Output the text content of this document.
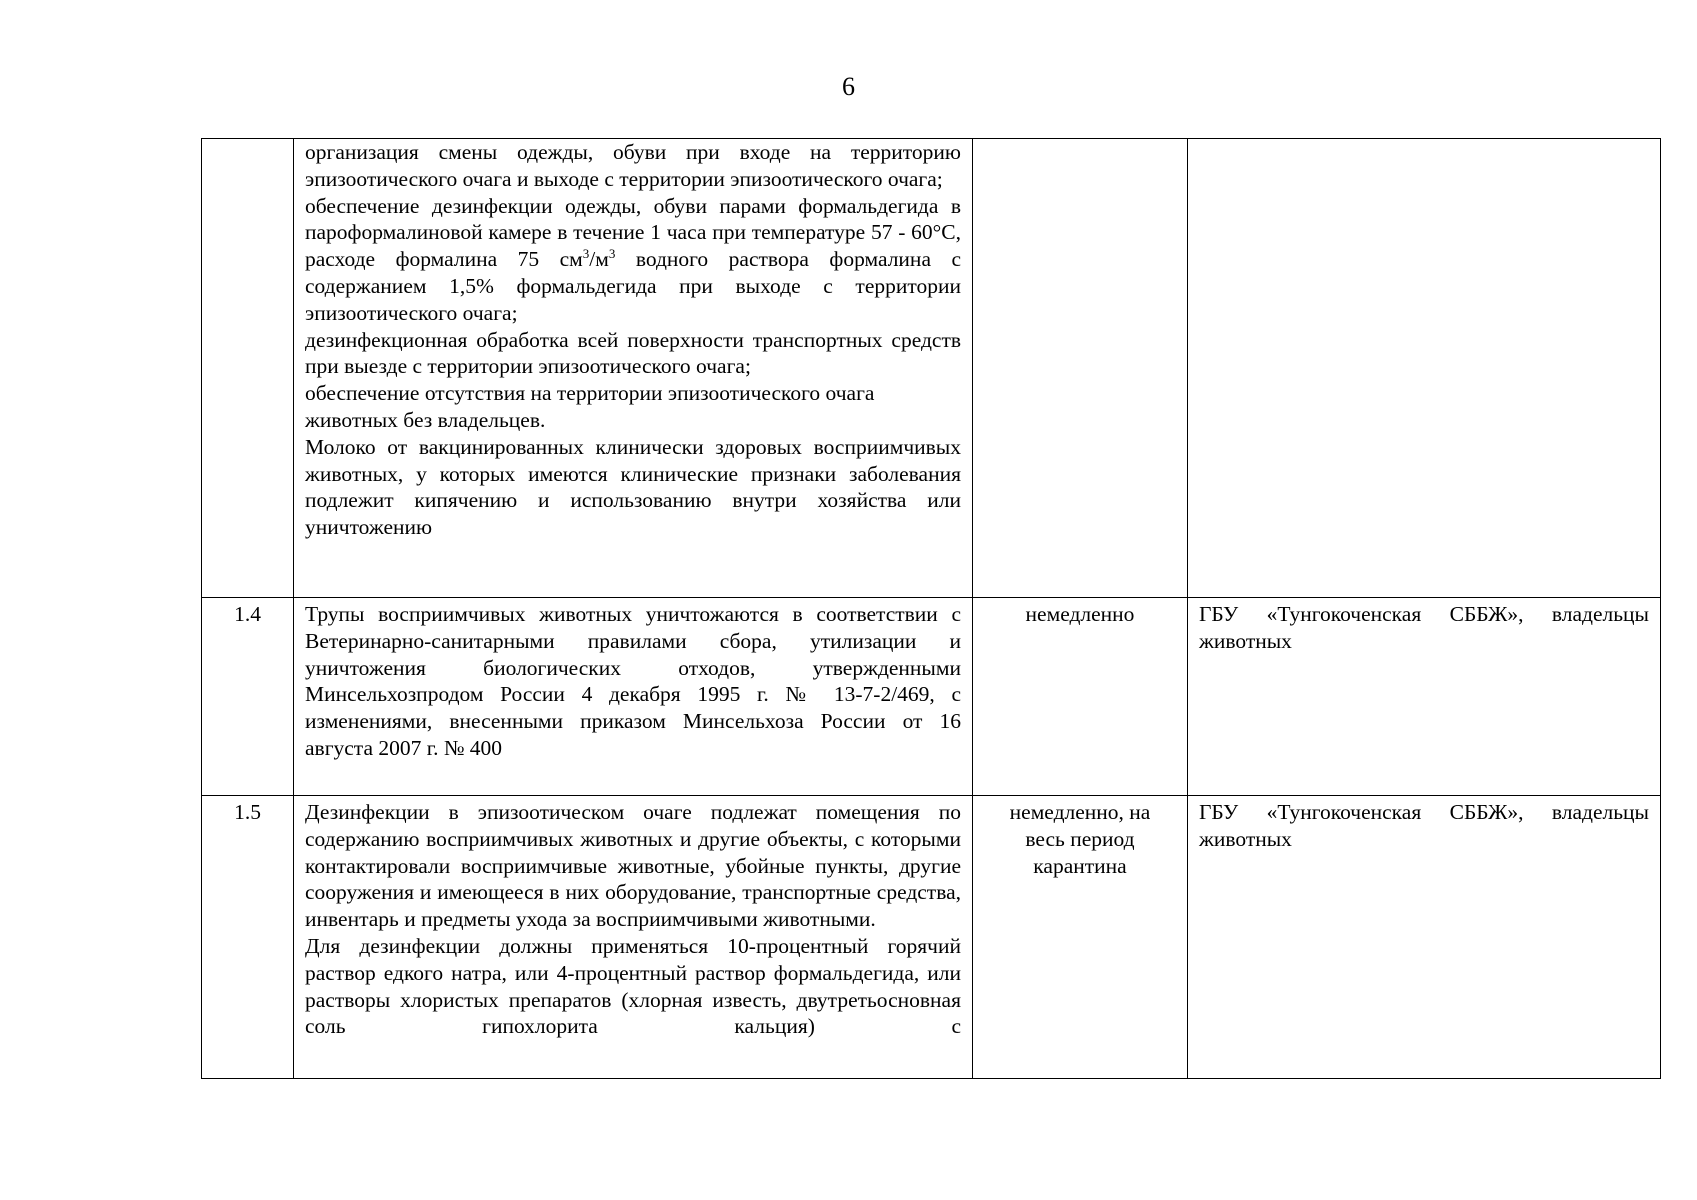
6

	организация смены одежды, обуви при входе на территорию эпизоотического очага и выходе с территории эпизоотического очага;
обеспечение дезинфекции одежды, обуви парами формальдегида в пароформалиновой камере в течение 1 часа при температуре 57 - 60°С, расходе формалина 75 $см^3/м^3$ водного раствора формалина с содержанием 1,5% формальдегида при выходе с территории эпизоотического очага;
дезинфекционная обработка всей поверхности транспортных средств при выезде с территории эпизоотического очага;
обеспечение отсутствия на территории эпизоотического очага животных без владельцев.
Молоко от вакцинированных клинически здоровых восприимчивых животных, у которых имеются клинические признаки заболевания подлежит кипячению и использованию внутри хозяйства или уничтожению		

1.4	Трупы восприимчивых животных уничтожаются в соответствии с Ветеринарно-санитарными правилами сбора, утилизации и уничтожения биологических отходов, утвержденными Минсельхозпродом России 4 декабря 1995 г. № 13-7-2/469, с изменениями, внесенными приказом Минсельхоза России от 16 августа 2007 г. № 400	немедленно	ГБУ «Тунгокоченская СББЖ», владельцы животных

1.5	Дезинфекции в эпизоотическом очаге подлежат помещения по содержанию восприимчивых животных и другие объекты, с которыми контактировали восприимчивые животные, убойные пункты, другие сооружения и имеющееся в них оборудование, транспортные средства, инвентарь и предметы ухода за восприимчивыми животными.
Для дезинфекции должны применяться 10-процентный горячий раствор едкого натра, или 4-процентный раствор формальдегида, или растворы хлористых препаратов (хлорная известь, двутретьосновная соль гипохлорита кальция) с	немедленно, на весь период карантина	ГБУ «Тунгокоченская СББЖ», владельцы животных
